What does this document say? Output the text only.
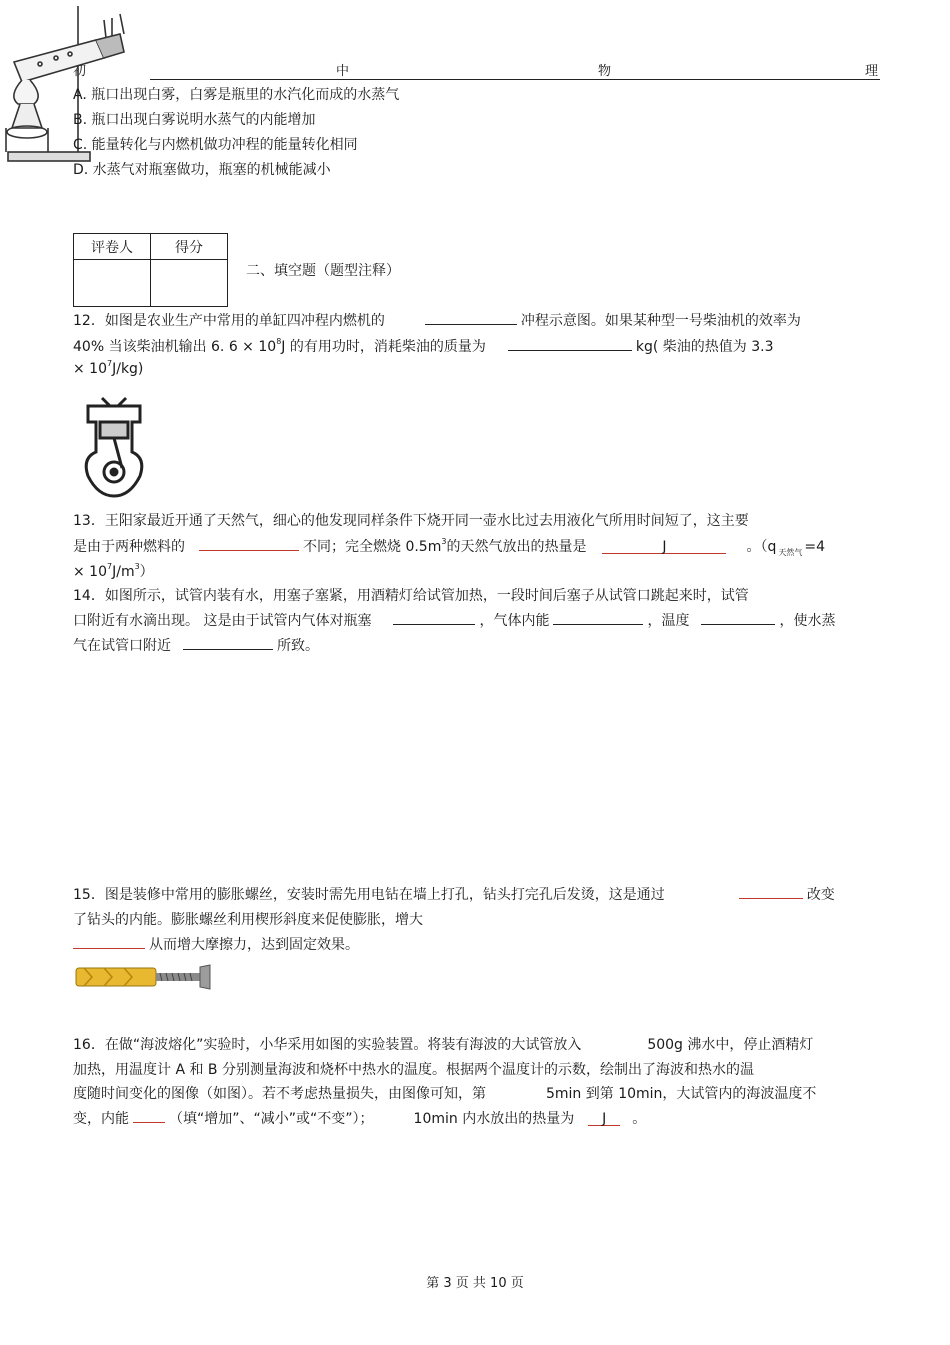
初	中	物	理
A. 瓶口出现白雾，白雾是瓶里的水汽化而成的水蒸气
B. 瓶口出现白雾说明水蒸气的内能增加
C. 能量转化与内燃机做功冲程的能量转化相同
D. 水蒸气对瓶塞做功，瓶塞的机械能减小
评卷人	得分

二、填空题（题型注释）
12．如图是农业生产中常用的单缸四冲程内燃机的	冲程示意图。如果某种型一号柴油机的效率为
40% 当该柴油机输出 6. $6 \times 10^8J$ 的有用功时，消耗柴油的质量为	kg( 柴油的热值为 3.3
× $10^7J/kg$)
13．王阳家最近开通了天然气，细心的他发现同样条件下烧开同一壶水比过去用液化气所用时间短了，这主要
是由于两种燃料的	不同；完全燃烧 $0.5m^3$的天然气放出的热量是	J	。（q $_{天然气}$ =4
× $10^7J/m^3$）
14．如图所示，试管内装有水，用塞子塞紧，用酒精灯给试管加热，一段时间后塞子从试管口跳起来时，试管
口附近有水滴出现。 这是由于试管内气体对瓶塞	，气体内能	，温度	，使水蒸
气在试管口附近	所致。
15．图是装修中常用的膨胀螺丝，安装时需先用电钻在墙上打孔，钻头打完孔后发烫，这是通过	改变
了钻头的内能。膨胀螺丝利用楔形斜度来促使膨胀，增大
从而增大摩擦力，达到固定效果。
16．在做“海波熔化”实验时，小华采用如图的实验装置。将装有海波的大试管放入	500g 沸水中，停止酒精灯
加热，用温度计 A 和 B 分别测量海波和烧杯中热水的温度。根据两个温度计的示数，绘制出了海波和热水的温
度随时间变化的图像（如图）。若不考虑热量损失，由图像可知，第	5min 到第 10min，大试管内的海波温度不
变，内能	（填“增加”、“减小”或“不变”）；	10min 内水放出的热量为 J 。
第 3 页 共 10 页
